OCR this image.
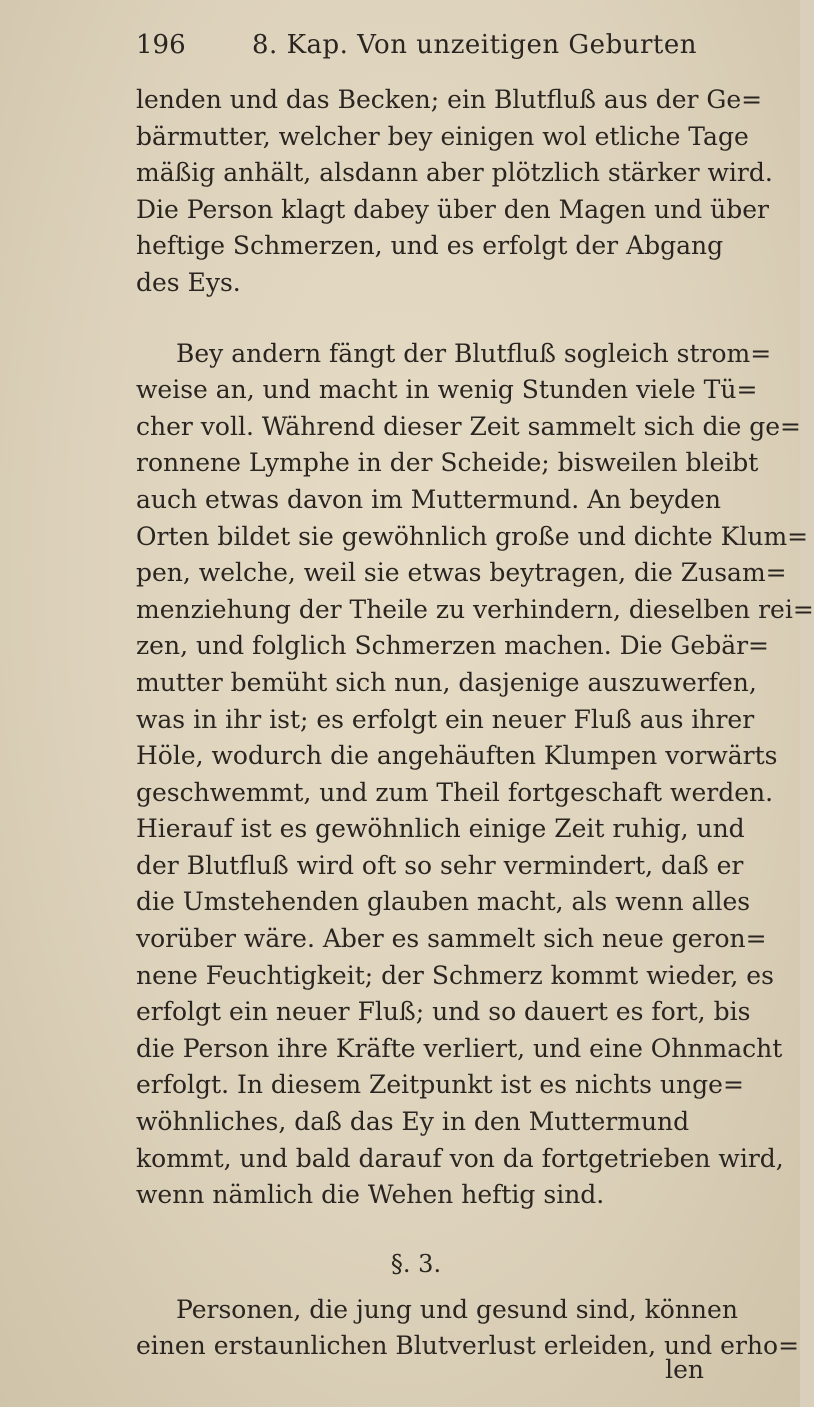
196	8. Kap. Von unzeitigen Geburten
lenden und das Becken; ein Blutfluß aus der Ge=
bärmutter, welcher bey einigen wol etliche Tage
mäßig anhält, alsdann aber plötzlich stärker wird.
Die Person klagt dabey über den Magen und über
heftige Schmerzen, und es erfolgt der Abgang
des Eys.
Bey andern fängt der Blutfluß sogleich strom=
weise an, und macht in wenig Stunden viele Tü=
cher voll. Während dieser Zeit sammelt sich die ge=
ronnene Lymphe in der Scheide; bisweilen bleibt
auch etwas davon im Muttermund. An beyden
Orten bildet sie gewöhnlich große und dichte Klum=
pen, welche, weil sie etwas beytragen, die Zusam=
menziehung der Theile zu verhindern, dieselben rei=
zen, und folglich Schmerzen machen. Die Gebär=
mutter bemüht sich nun, dasjenige auszuwerfen,
was in ihr ist; es erfolgt ein neuer Fluß aus ihrer
Höle, wodurch die angehäuften Klumpen vorwärts
geschwemmt, und zum Theil fortgeschaft werden.
Hierauf ist es gewöhnlich einige Zeit ruhig, und
der Blutfluß wird oft so sehr vermindert, daß er
die Umstehenden glauben macht, als wenn alles
vorüber wäre. Aber es sammelt sich neue geron=
nene Feuchtigkeit; der Schmerz kommt wieder, es
erfolgt ein neuer Fluß; und so dauert es fort, bis
die Person ihre Kräfte verliert, und eine Ohnmacht
erfolgt. In diesem Zeitpunkt ist es nichts unge=
wöhnliches, daß das Ey in den Muttermund
kommt, und bald darauf von da fortgetrieben wird,
wenn nämlich die Wehen heftig sind.
§. 3.
Personen, die jung und gesund sind, können
einen erstaunlichen Blutverlust erleiden, und erho=
len
